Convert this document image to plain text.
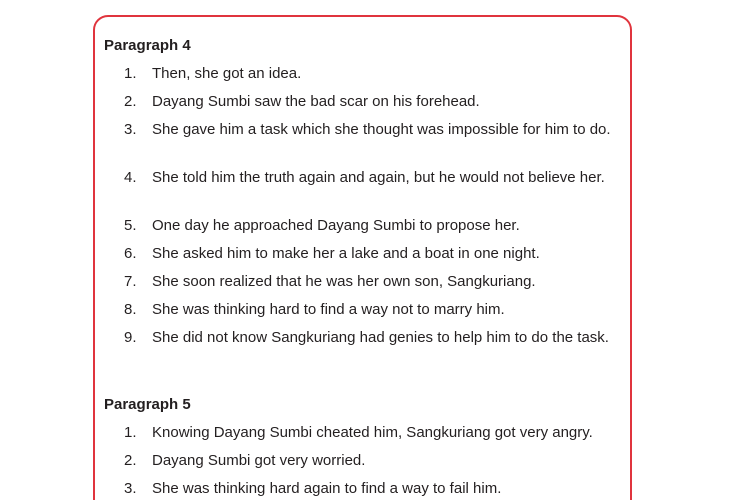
Paragraph 4
1. Then, she got an idea.
2. Dayang Sumbi saw the bad scar on his forehead.
3. She gave him a task which she thought was impossible for him to do.
4. She told him the truth again and again, but he would not believe her.
5. One day he approached Dayang Sumbi to propose her.
6. She asked him to make her a lake and a boat in one night.
7. She soon realized that he was her own son, Sangkuriang.
8. She was thinking hard to find a way not to marry him.
9. She did not know Sangkuriang had genies to help him to do the task.
Paragraph 5
1. Knowing Dayang Sumbi cheated him, Sangkuriang got very angry.
2. Dayang Sumbi got very worried.
3. She was thinking hard again to find a way to fail him.
